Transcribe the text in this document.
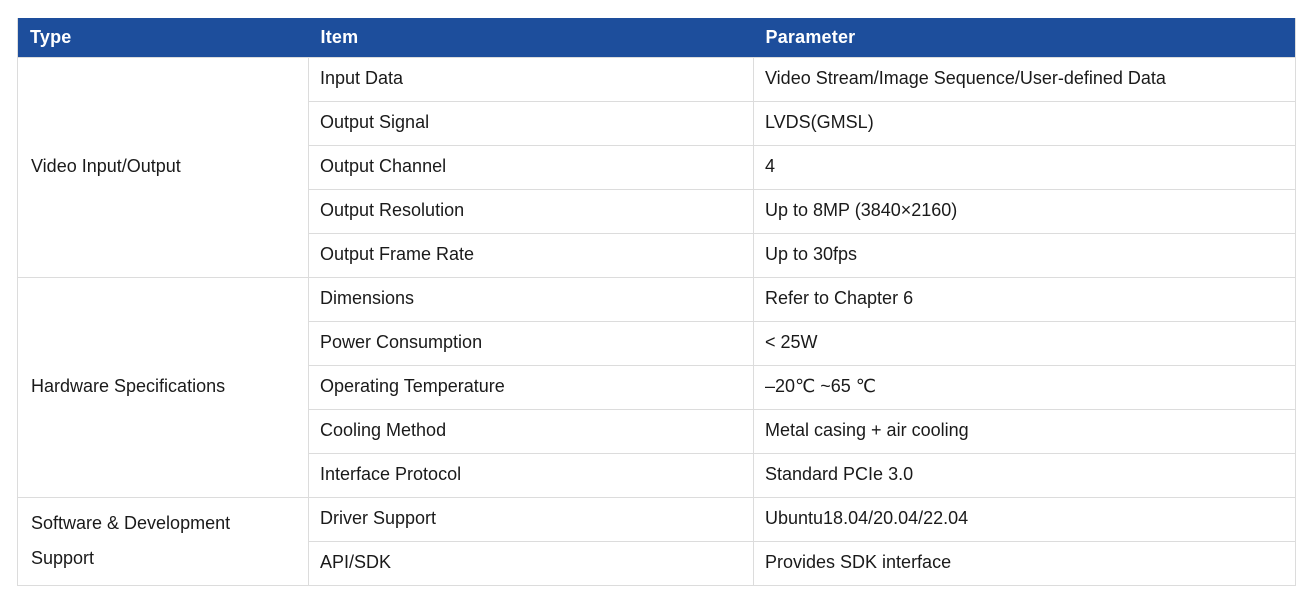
Type	Item	Parameter
Video Input/Output	Input Data	Video Stream/Image Sequence/User-defined Data
	Output Signal	LVDS(GMSL)
	Output Channel	4
	Output Resolution	Up to 8MP (3840×2160)
	Output Frame Rate	Up to 30fps
Hardware Specifications	Dimensions	Refer to Chapter 6
	Power Consumption	< 25W
	Operating Temperature	–20℃ ~65 ℃
	Cooling Method	Metal casing + air cooling
	Interface Protocol	Standard PCIe 3.0
Software & Development Support	Driver Support	Ubuntu18.04/20.04/22.04
	API/SDK	Provides SDK interface
